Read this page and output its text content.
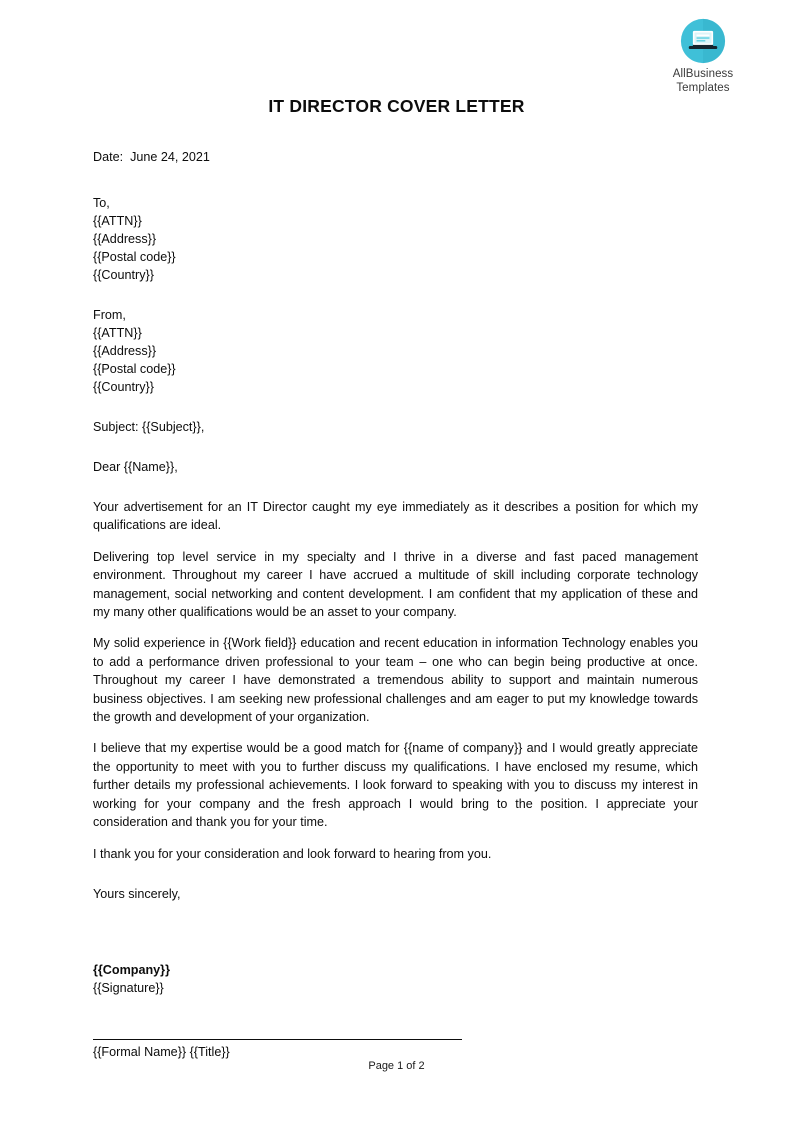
AllBusiness
Templates
IT DIRECTOR COVER LETTER
Date: June 24, 2021
To,
{{ATTN}}
{{Address}}
{{Postal code}}
{{Country}}
From,
{{ATTN}}
{{Address}}
{{Postal code}}
{{Country}}
Subject: {{Subject}},
Dear {{Name}},

Your advertisement for an IT Director caught my eye immediately as it describes a position for which my qualifications are ideal.

Delivering top level service in my specialty and I thrive in a diverse and fast paced management environment. Throughout my career I have accrued a multitude of skill including corporate technology management, social networking and content development. I am confident that my application of these and my many other qualifications would be an asset to your company.

My solid experience in {{Work field}} education and recent education in information Technology enables you to add a performance driven professional to your team – one who can begin being productive at once. Throughout my career I have demonstrated a tremendous ability to support and maintain numerous business objectives. I am seeking new professional challenges and am eager to put my knowledge towards the growth and development of your organization.

I believe that my expertise would be a good match for {{name of company}} and I would greatly appreciate the opportunity to meet with you to further discuss my qualifications. I have enclosed my resume, which further details my professional achievements. I look forward to speaking with you to discuss my interest in working for your company and the fresh approach I would bring to the position. I appreciate your consideration and thank you for your time.

I thank you for your consideration and look forward to hearing from you.

Yours sincerely,
{{Company}}
{{Signature}}
{{Formal Name}} {{Title}}
Page 1 of 2
